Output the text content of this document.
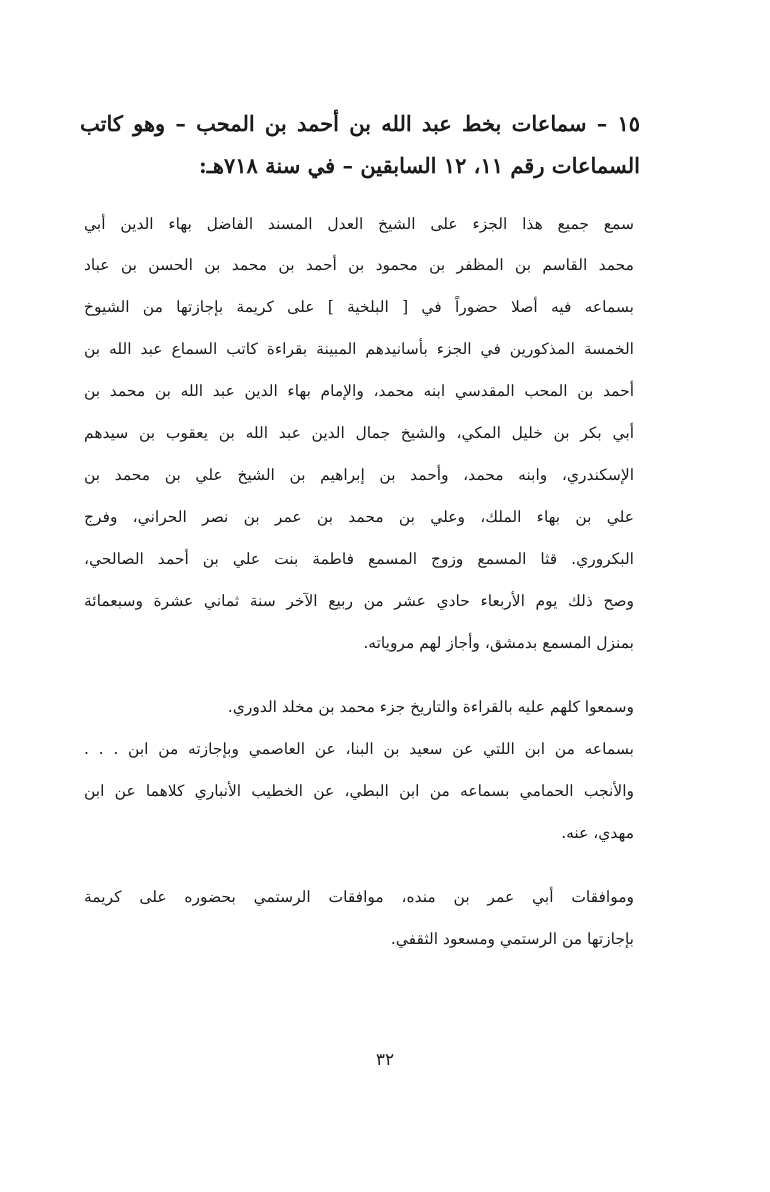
١٥ – سماعات بخط عبد الله بن أحمد بن المحب – وهو كاتب
السماعات رقم ١١، ١٢ السابقين – في سنة ٧١٨هـ:
سمع جميع هذا الجزء على الشيخ العدل المسند الفاضل بهاء الدين أبي
محمد القاسم بن المظفر بن محمود بن أحمد بن محمد بن الحسن بن عباد
بسماعه فيه أصلا حضوراً في [ البلخية ] على كريمة بإجازتها من الشيوخ
الخمسة المذكورين في الجزء بأسانيدهم المبينة بقراءة كاتب السماع عبد الله بن
أحمد بن المحب المقدسي ابنه محمد، والإمام بهاء الدين عبد الله بن محمد بن
أبي بكر بن خليل المكي، والشيخ جمال الدين عبد الله بن يعقوب بن سيدهم
الإسكندري، وابنه محمد، وأحمد بن إبراهيم بن الشيخ علي بن محمد بن
علي بن بهاء الملك، وعلي بن محمد بن عمر بن نصر الحراني، وفرج
البكروري. قثا المسمع وزوج المسمع فاطمة بنت علي بن أحمد الصالحي،
وصح ذلك يوم الأربعاء حادي عشر من ربيع الآخر سنة ثماني عشرة وسبعمائة
بمنزل المسمع بدمشق، وأجاز لهم مروياته.
وسمعوا كلهم عليه بالقراءة والتاريخ جزء محمد بن مخلد الدوري.
بسماعه من ابن اللتي عن سعيد بن البنا، عن العاصمي وبإجازته من ابن . . .
والأنجب الحمامي بسماعه من ابن البطي، عن الخطيب الأنباري كلاهما عن ابن
مهدي، عنه.
وموافقات أبي عمر بن منده، موافقات الرستمي بحضوره على كريمة
بإجازتها من الرستمي ومسعود الثقفي.
٣٢
